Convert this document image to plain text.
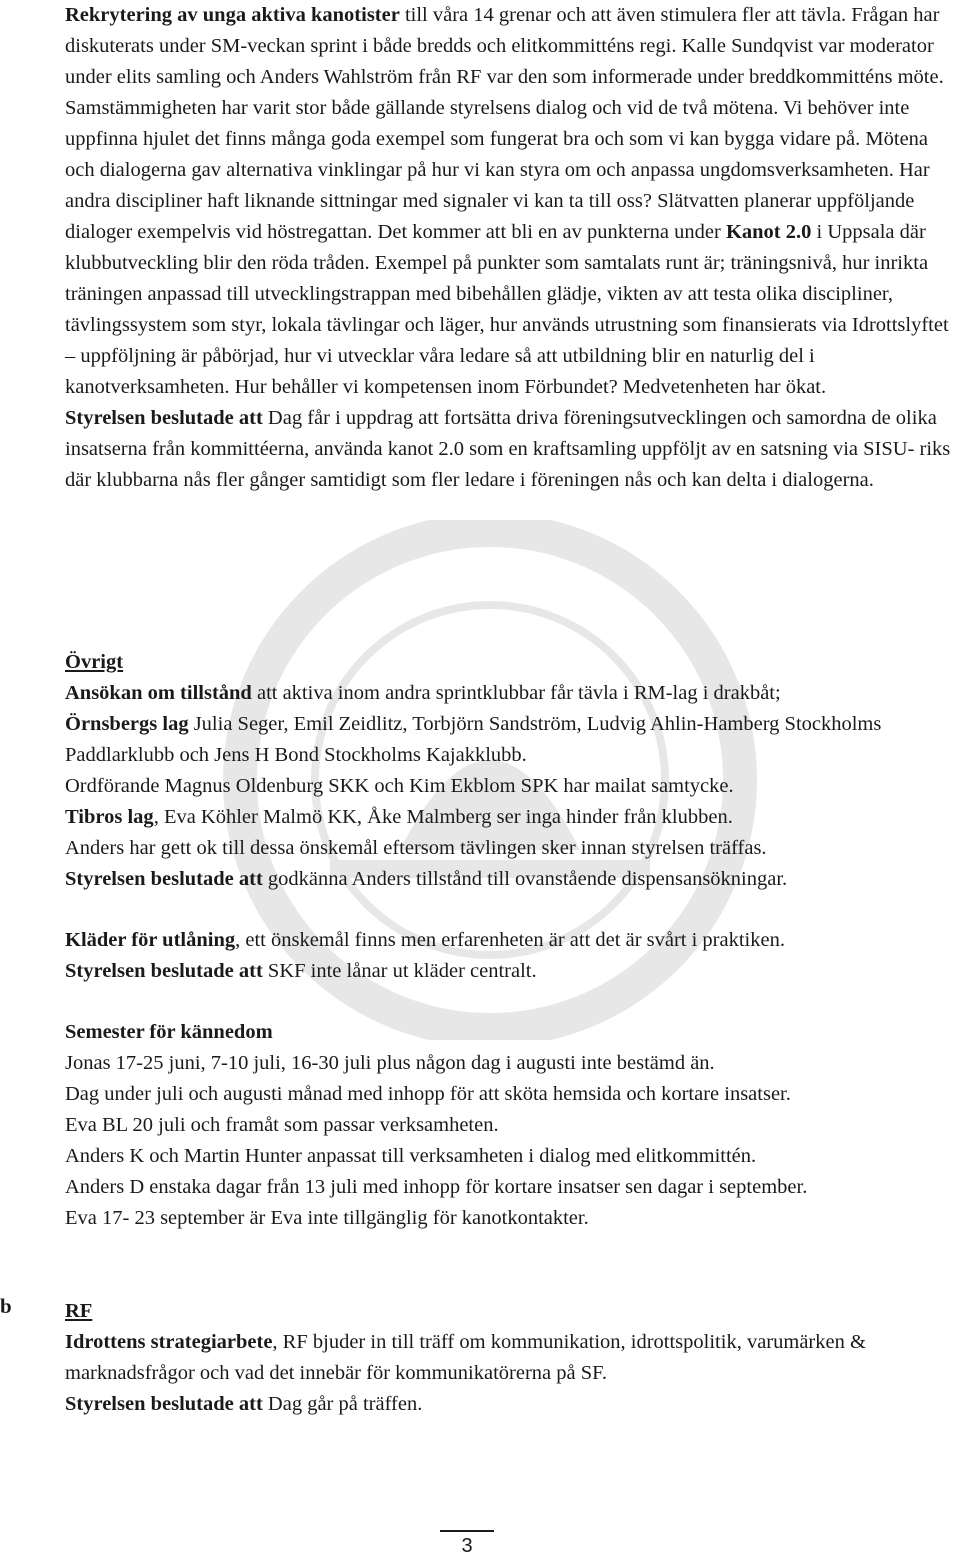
Rekrytering av unga aktiva kanotister till våra 14 grenar och att även stimulera fler att tävla. Frågan har diskuterats under SM-veckan sprint i både bredds och elitkommitténs regi. Kalle Sundqvist var moderator under elits samling och Anders Wahlström från RF var den som informerade under breddkommitténs möte. Samstämmigheten har varit stor både gällande styrelsens dialog och vid de två mötena. Vi behöver inte uppfinna hjulet det finns många goda exempel som fungerat bra och som vi kan bygga vidare på. Mötena och dialogerna gav alternativa vinklingar på hur vi kan styra om och anpassa ungdomsverksamheten. Har andra discipliner haft liknande sittningar med signaler vi kan ta till oss? Slätvatten planerar uppföljande dialoger exempelvis vid höstregattan. Det kommer att bli en av punkterna under Kanot 2.0 i Uppsala där klubbutveckling blir den röda tråden. Exempel på punkter som samtalats runt är; träningsnivå, hur inrikta träningen anpassad till utvecklingstrappan med bibehållen glädje, vikten av att testa olika discipliner, tävlingssystem som styr, lokala tävlingar och läger, hur används utrustning som finansierats via Idrottslyftet – uppföljning är påbörjad, hur vi utvecklar våra ledare så att utbildning blir en naturlig del i kanotverksamheten. Hur behåller vi kompetensen inom Förbundet? Medvetenheten har ökat.

Styrelsen beslutade att Dag får i uppdrag att fortsätta driva föreningsutvecklingen och samordna de olika insatserna från kommittéerna, använda kanot 2.0 som en kraftsamling uppföljt av en satsning via SISU- riks där klubbarna nås fler gånger samtidigt som fler ledare i föreningen nås och kan delta i dialogerna.

Övrigt

Ansökan om tillstånd att aktiva inom andra sprintklubbar får tävla i RM-lag i drakbåt;

Örnsbergs lag Julia Seger, Emil Zeidlitz, Torbjörn Sandström, Ludvig Ahlin-Hamberg Stockholms Paddlarklubb och Jens H Bond Stockholms Kajakklubb.

Ordförande Magnus Oldenburg SKK och Kim Ekblom SPK har mailat samtycke.

Tibros lag, Eva Köhler Malmö KK, Åke Malmberg ser inga hinder från klubben.

Anders har gett ok till dessa önskemål eftersom tävlingen sker innan styrelsen träffas.

Styrelsen beslutade att godkänna Anders tillstånd till ovanstående dispensansökningar.

Kläder för utlåning, ett önskemål finns men erfarenheten är att det är svårt i praktiken.

Styrelsen beslutade att SKF inte lånar ut kläder centralt.

Semester för kännedom

Jonas 17-25 juni, 7-10 juli, 16-30 juli plus någon dag i augusti inte bestämd än.

Dag under juli och augusti månad med inhopp för att sköta hemsida och kortare insatser.

Eva BL 20 juli och framåt som passar verksamheten.

Anders K och Martin Hunter anpassat till verksamheten i dialog med elitkommittén.

Anders D enstaka dagar från 13 juli med inhopp för kortare insatser sen dagar i september.

Eva 17- 23 september är Eva inte tillgänglig för kanotkontakter.

RF

Idrottens strategiarbete, RF bjuder in till träff om kommunikation, idrottspolitik, varumärken & marknadsfrågor och vad det innebär för kommunikatörerna på SF.

Styrelsen beslutade att Dag går på träffen.

b
3
